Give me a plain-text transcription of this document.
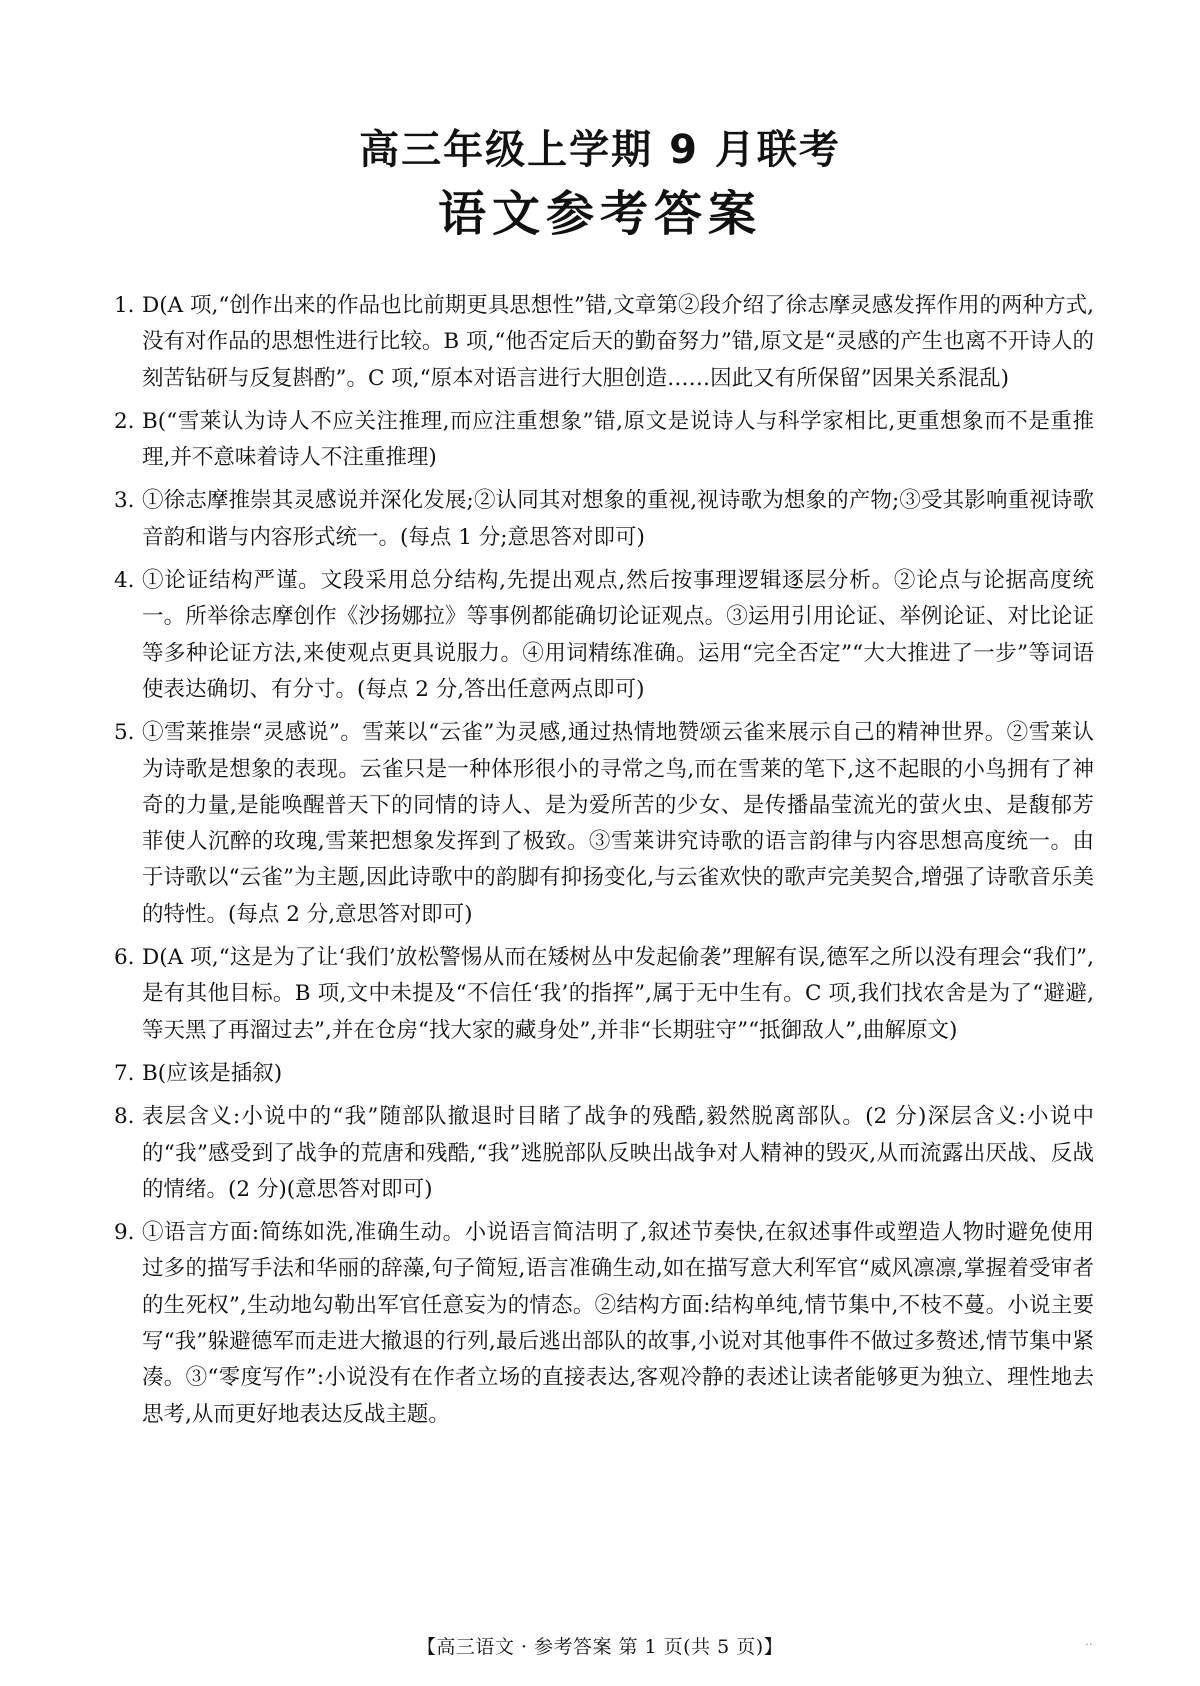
高三年级上学期 9 月联考
语文参考答案
1. D(A 项,“创作出来的作品也比前期更具思想性”错,文章第②段介绍了徐志摩灵感发挥作用的两种方式,没有对作品的思想性进行比较。B 项,“他否定后天的勤奋努力”错,原文是“灵感的产生也离不开诗人的刻苦钻研与反复斟酌”。C 项,“原本对语言进行大胆创造……因此又有所保留”因果关系混乱)
2. B(“雪莱认为诗人不应关注推理,而应注重想象”错,原文是说诗人与科学家相比,更重想象而不是重推理,并不意味着诗人不注重推理)
3. ①徐志摩推崇其灵感说并深化发展;②认同其对想象的重视,视诗歌为想象的产物;③受其影响重视诗歌音韵和谐与内容形式统一。(每点 1 分;意思答对即可)
4. ①论证结构严谨。文段采用总分结构,先提出观点,然后按事理逻辑逐层分析。②论点与论据高度统一。所举徐志摩创作《沙扬娜拉》等事例都能确切论证观点。③运用引用论证、举例论证、对比论证等多种论证方法,来使观点更具说服力。④用词精练准确。运用“完全否定”“大大推进了一步”等词语使表达确切、有分寸。(每点 2 分,答出任意两点即可)
5. ①雪莱推崇“灵感说”。雪莱以“云雀”为灵感,通过热情地赞颂云雀来展示自己的精神世界。②雪莱认为诗歌是想象的表现。云雀只是一种体形很小的寻常之鸟,而在雪莱的笔下,这不起眼的小鸟拥有了神奇的力量,是能唤醒普天下的同情的诗人、是为爱所苦的少女、是传播晶莹流光的萤火虫、是馥郁芳菲使人沉醉的玫瑰,雪莱把想象发挥到了极致。③雪莱讲究诗歌的语言韵律与内容思想高度统一。由于诗歌以“云雀”为主题,因此诗歌中的韵脚有抑扬变化,与云雀欢快的歌声完美契合,增强了诗歌音乐美的特性。(每点 2 分,意思答对即可)
6. D(A 项,“这是为了让‘我们’放松警惕从而在矮树丛中发起偷袭”理解有误,德军之所以没有理会“我们”,是有其他目标。B 项,文中未提及“不信任‘我’的指挥”,属于无中生有。C 项,我们找农舍是为了“避避,等天黑了再溜过去”,并在仓房“找大家的藏身处”,并非“长期驻守”“抵御敌人”,曲解原文)
7. B(应该是插叙)
8. 表层含义:小说中的“我”随部队撤退时目睹了战争的残酷,毅然脱离部队。(2 分)深层含义:小说中的“我”感受到了战争的荒唐和残酷,“我”逃脱部队反映出战争对人精神的毁灭,从而流露出厌战、反战的情绪。(2 分)(意思答对即可)
9. ①语言方面:简练如洗,准确生动。小说语言简洁明了,叙述节奏快,在叙述事件或塑造人物时避免使用过多的描写手法和华丽的辞藻,句子简短,语言准确生动,如在描写意大利军官“威风凛凛,掌握着受审者的生死权”,生动地勾勒出军官任意妄为的情态。②结构方面:结构单纯,情节集中,不枝不蔓。小说主要写“我”躲避德军而走进大撤退的行列,最后逃出部队的故事,小说对其他事件不做过多赘述,情节集中紧凑。③“零度写作”:小说没有在作者立场的直接表达,客观冷静的表述让读者能够更为独立、理性地去思考,从而更好地表达反战主题。
【高三语文 · 参考答案 第 1 页(共 5 页)】	..
